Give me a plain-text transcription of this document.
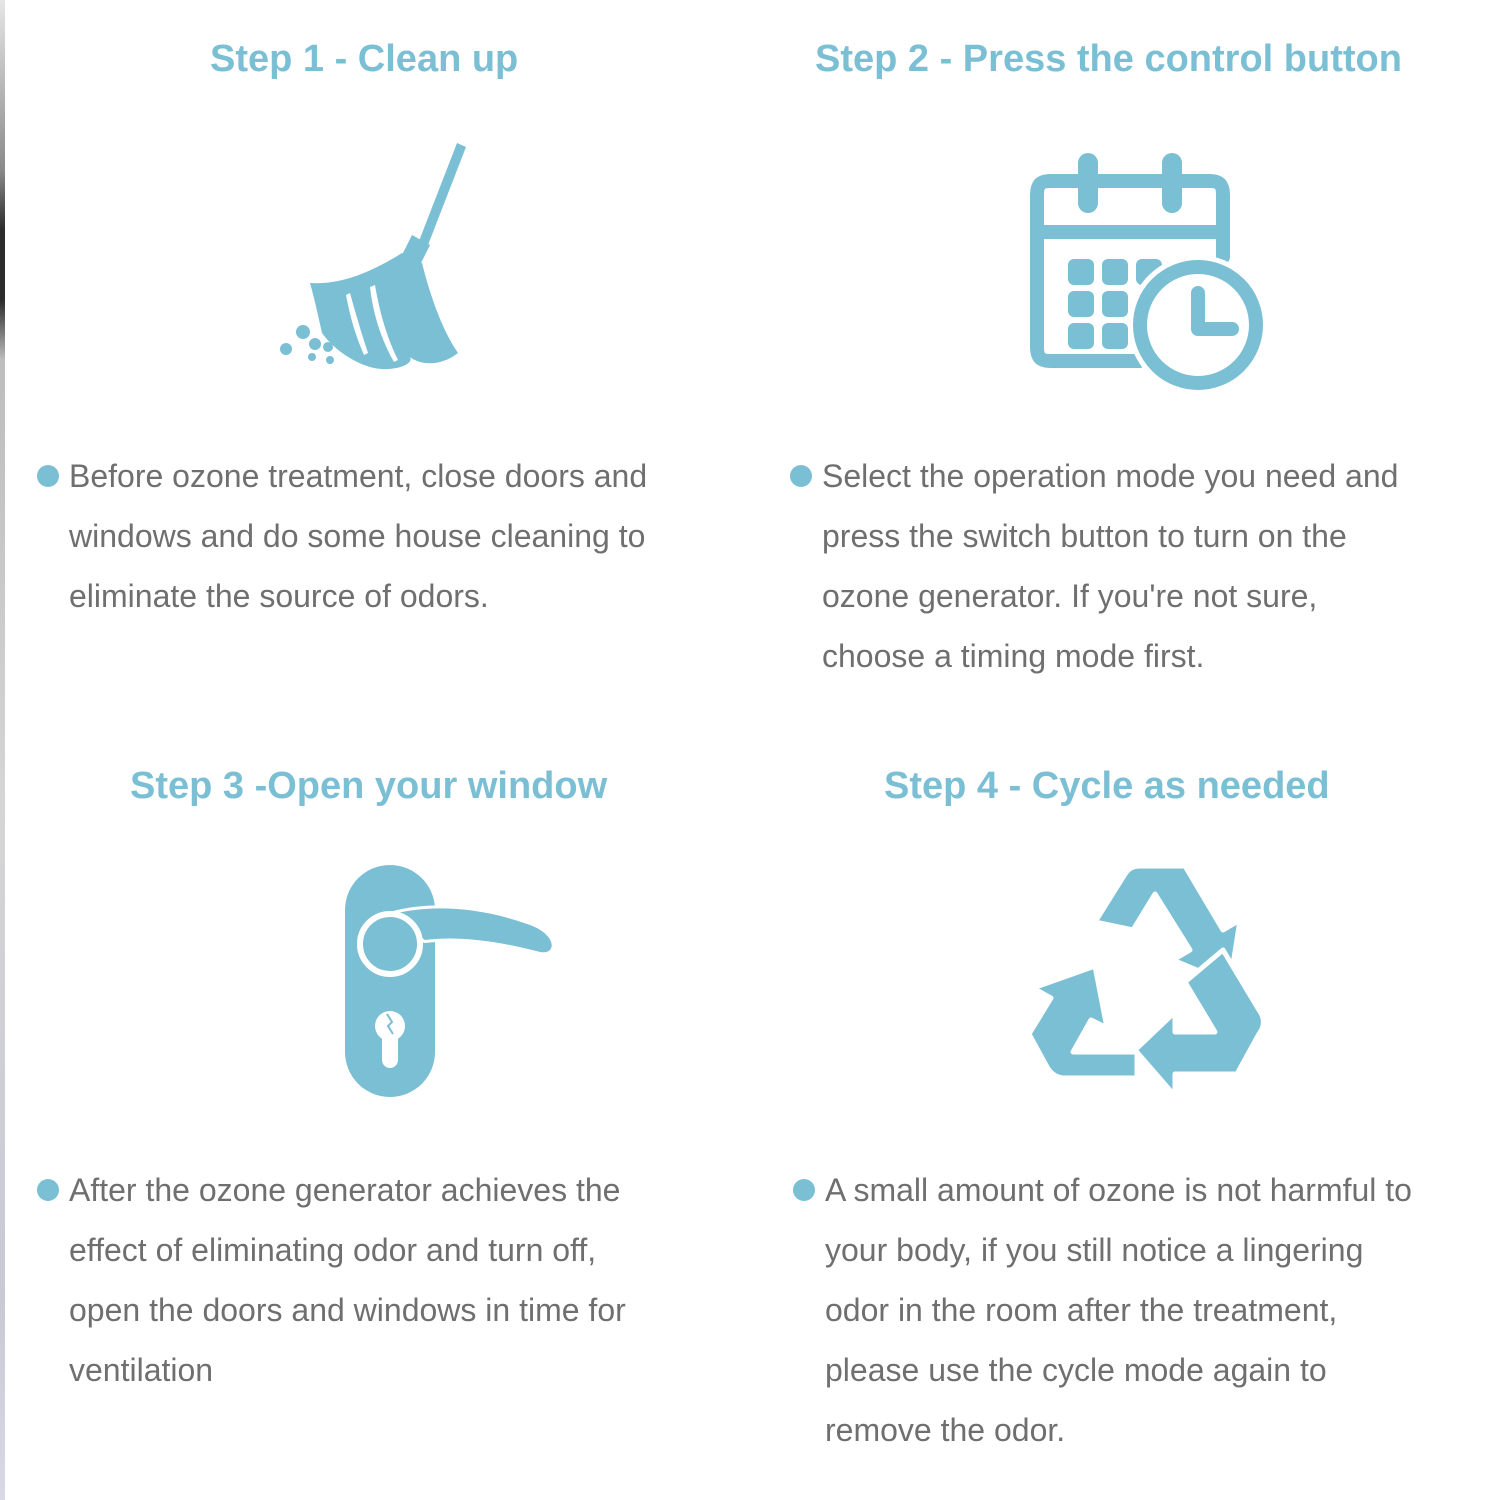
Step 1 - Clean up
Before ozone treatment, close doors and
windows and do some house cleaning to
eliminate the source of odors.
Step 2 - Press the control button
Select the operation mode you need and
press the switch button to turn on the
ozone generator. If you're not sure,
choose a timing mode first.
Step 3 -Open your window
After the ozone generator achieves the
effect of eliminating odor and turn off,
open the doors and windows in time for
ventilation
Step 4 - Cycle as needed
A small amount of ozone is not harmful to
your body, if you still notice a lingering
odor in the room after the treatment,
please use the cycle mode again to
remove the odor.
